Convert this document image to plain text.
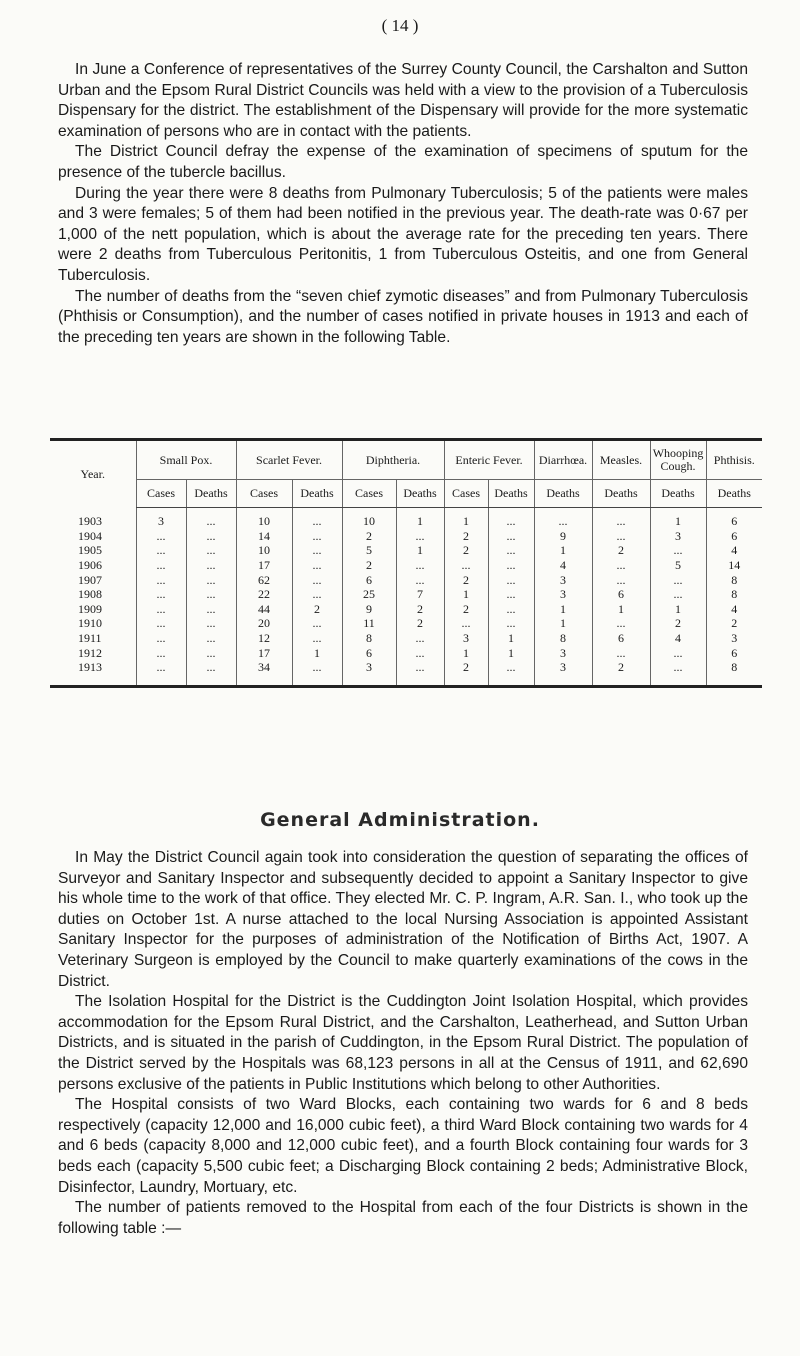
( 14 )

In June a Conference of representatives of the Surrey County Council, the Carshalton and Sutton Urban and the Epsom Rural District Councils was held with a view to the provision of a Tuberculosis Dispensary for the district. The establishment of the Dispensary will provide for the more systematic examination of persons who are in contact with the patients.

The District Council defray the expense of the examination of specimens of sputum for the presence of the tubercle bacillus.

During the year there were 8 deaths from Pulmonary Tuberculosis; 5 of the patients were males and 3 were females; 5 of them had been notified in the previous year. The death-rate was 0·67 per 1,000 of the nett population, which is about the average rate for the preceding ten years. There were 2 deaths from Tuberculous Peritonitis, 1 from Tuberculous Osteitis, and one from General Tuberculosis.

The number of deaths from the “seven chief zymotic diseases” and from Pulmonary Tuberculosis (Phthisis or Consumption), and the number of cases notified in private houses in 1913 and each of the preceding ten years are shown in the following Table.

Year.	Small Pox.		Scarlet Fever.		Diphtheria.		Enteric Fever.		Diarrhœa.	Measles.	Whooping Cough.	Phthisis.
	Cases	Deaths	Cases	Deaths	Cases	Deaths	Cases	Deaths	Deaths	Deaths	Deaths	Deaths
1903	3	...	10	...	10	1	1	...	...	...	1	6
1904	...	...	14	...	2	...	2	...	9	...	3	6
1905	...	...	10	...	5	1	2	...	1	2	...	4
1906	...	...	17	...	2	...	...	...	4	...	5	14
1907	...	...	62	...	6	...	2	...	3	...	...	8
1908	...	...	22	...	25	7	1	...	3	6	...	8
1909	...	...	44	2	9	2	2	...	1	1	1	4
1910	...	...	20	...	11	2	...	...	1	...	2	2
1911	...	...	12	...	8	...	3	1	8	6	4	3
1912	...	...	17	1	6	...	1	1	3	...	...	6
1913	...	...	34	...	3	...	2	...	3	2	...	8
General Administration.

In May the District Council again took into consideration the question of separating the offices of Surveyor and Sanitary Inspector and subsequently decided to appoint a Sanitary Inspector to give his whole time to the work of that office. They elected Mr. C. P. Ingram, A.R. San. I., who took up the duties on October 1st. A nurse attached to the local Nursing Association is appointed Assistant Sanitary Inspector for the purposes of administration of the Notification of Births Act, 1907. A Veterinary Surgeon is employed by the Council to make quarterly examinations of the cows in the District.

The Isolation Hospital for the District is the Cuddington Joint Isolation Hospital, which provides accommodation for the Epsom Rural District, and the Carshalton, Leatherhead, and Sutton Urban Districts, and is situated in the parish of Cuddington, in the Epsom Rural District. The population of the District served by the Hospitals was 68,123 persons in all at the Census of 1911, and 62,690 persons exclusive of the patients in Public Institutions which belong to other Authorities.

The Hospital consists of two Ward Blocks, each containing two wards for 6 and 8 beds respectively (capacity 12,000 and 16,000 cubic feet), a third Ward Block containing two wards for 4 and 6 beds (capacity 8,000 and 12,000 cubic feet), and a fourth Block containing four wards for 3 beds each (capacity 5,500 cubic feet; a Discharging Block containing 2 beds; Administrative Block, Disinfector, Laundry, Mortuary, etc.

The number of patients removed to the Hospital from each of the four Districts is shown in the following table :—
